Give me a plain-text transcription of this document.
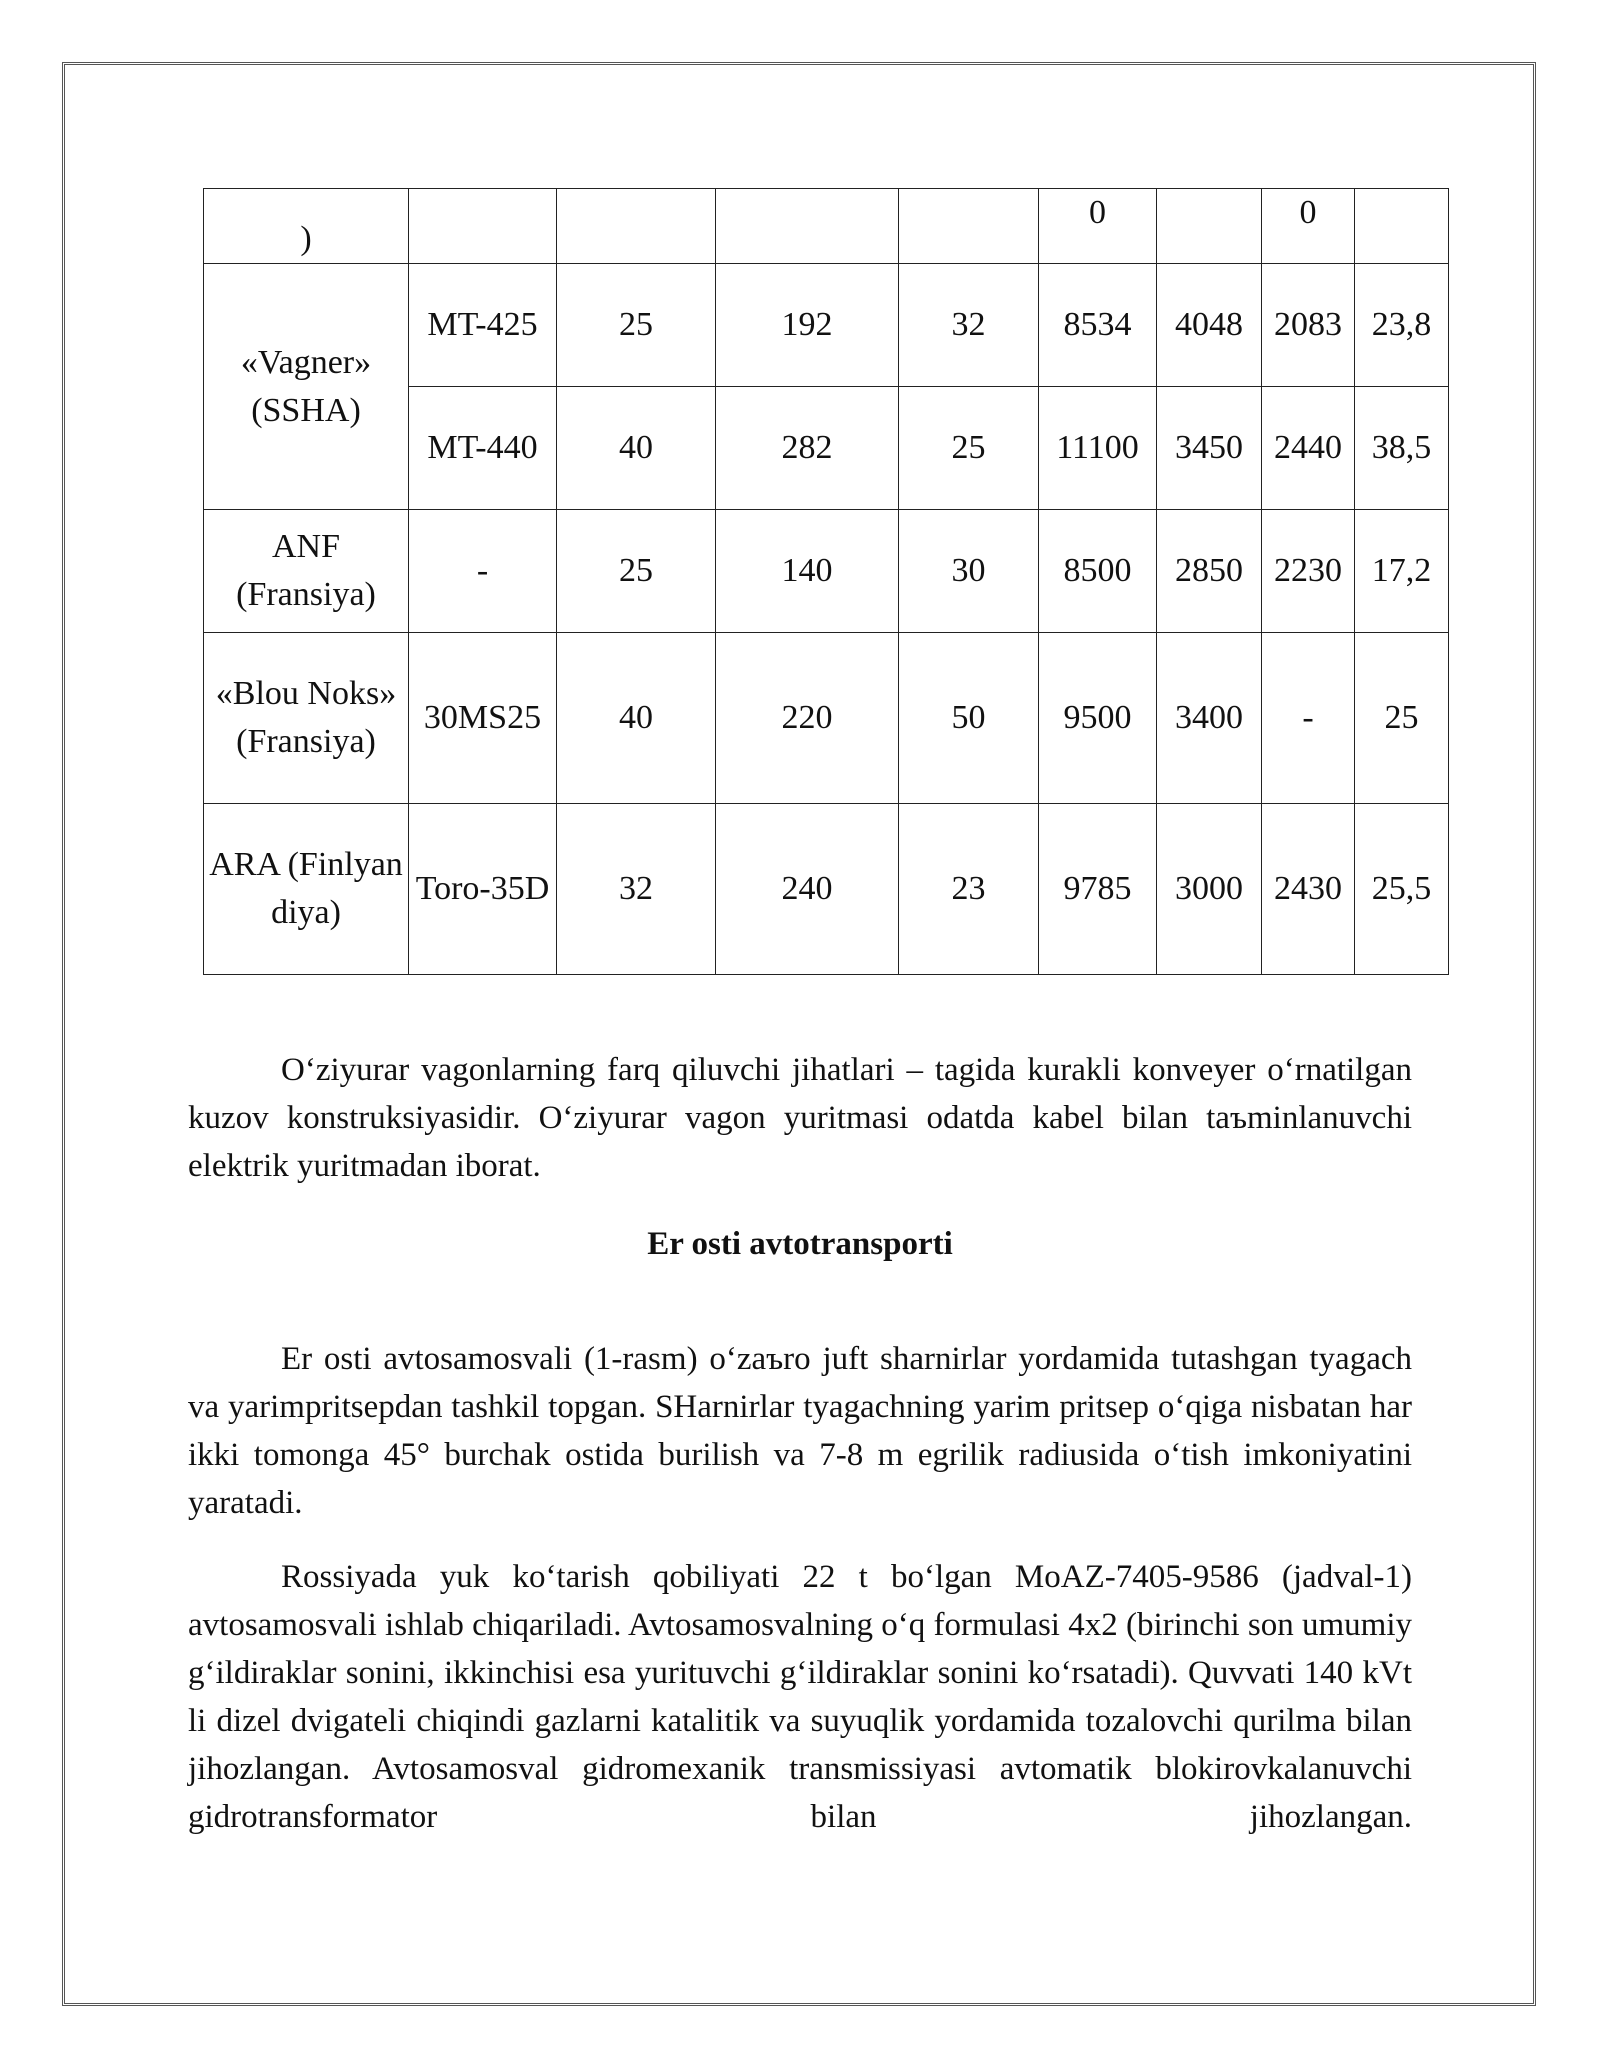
)					0		0	
«Vagner» (SSHA)	MT-425	25	192	32	8534	4048	2083	23,8
	MT-440	40	282	25	11100	3450	2440	38,5
ANF (Fransiya)	-	25	140	30	8500	2850	2230	17,2
«Blou Noks» (Fransiya)	30MS25	40	220	50	9500	3400	-	25
ARA (Finlyandiya)	Toro-35D	32	240	23	9785	3000	2430	25,5

O‘ziyurar vagonlarning farq qiluvchi jihatlari – tagida kurakli konveyer o‘rnatilgan kuzov konstruksiyasidir. O‘ziyurar vagon yuritmasi odatda kabel bilan taъminlanuvchi elektrik yuritmadan iborat.

Er osti avtotransporti

Er osti avtosamosvali (1-rasm) o‘zaъro juft sharnirlar yordamida tutashgan tyagach va yarimpritsepdan tashkil topgan. SHarnirlar tyagachning yarim pritsep o‘qiga nisbatan har ikki tomonga 45° burchak ostida burilish va 7-8 m egrilik radiusida o‘tish imkoniyatini yaratadi.

Rossiyada yuk ko‘tarish qobiliyati 22 t bo‘lgan MoAZ-7405-9586 (jadval-1) avtosamosvali ishlab chiqariladi. Avtosamosvalning o‘q formulasi 4x2 (birinchi son umumiy g‘ildiraklar sonini, ikkinchisi esa yurituvchi g‘ildiraklar sonini ko‘rsatadi). Quvvati 140 kVt li dizel dvigateli chiqindi gazlarni katalitik va suyuqlik yordamida tozalovchi qurilma bilan jihozlangan. Avtosamosval gidromexanik transmissiyasi avtomatik blokirovkalanuvchi gidrotransformator bilan jihozlangan.
